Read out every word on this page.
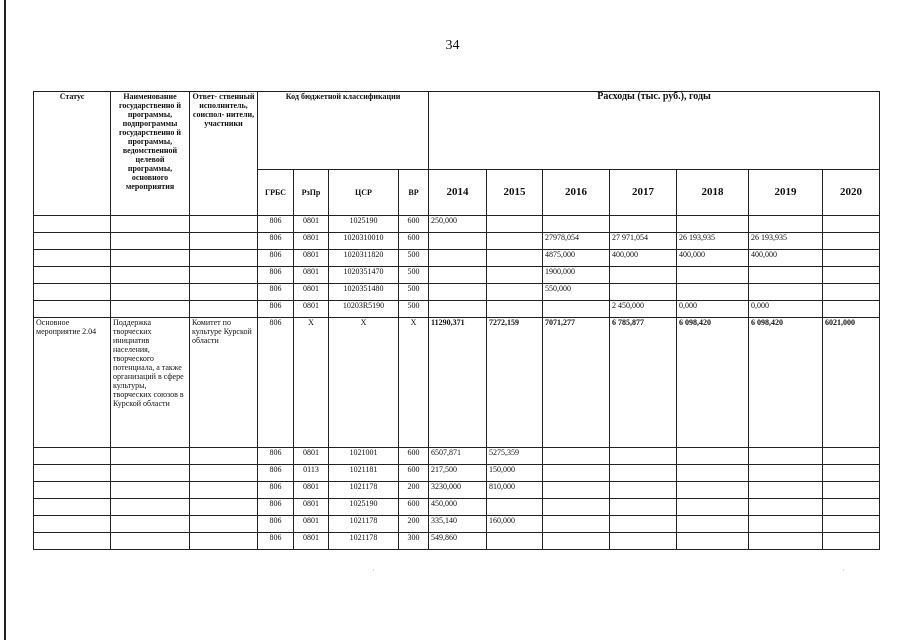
34
Статус	Наименование государственно й программы, подпрограммы государственно й программы, ведомственной целевой программы, основного мероприятия	Ответ- ственный исполнитель, соиспол- нители, участники	Код бюджетной классификации				Расходы (тыс. руб.), годы						
			ГРБС	РзПр	ЦСР	ВР	2014	2015	2016	2017	2018	2019	2020
			806	0801	1025190	600	250,000						
			806	0801	1020310010	600			27978,054	27 971,054	26 193,935	26 193,935	
			806	0801	1020311820	500			4875,000	400,000	400,000	400,000	
			806	0801	1020351470	500			1900,000				
			806	0801	1020351480	500			550,000				
			806	0801	10203R5190	500				2 450,000	0,000	0,000	
Основное мероприятие 2.04	Поддержка творческих инициатив населения, творческого потенциала, а также организаций в сфере культуры, творческих союзов в Курской области	Комитет по культуре Курской области	806	X	X	X	11290,371	7272,159	7071,277	6 785,877	6 098,420	6 098,420	6021,000
			806	0801	1021001	600	6507,871	5275,359					
			806	0113	1021181	600	217,500	150,000					
			806	0801	1021178	200	3230,000	810,000					
			806	0801	1025190	600	450,000						
			806	0801	1021178	200	335,140	160,000					
			806	0801	1021178	300	549,860						
·	·
